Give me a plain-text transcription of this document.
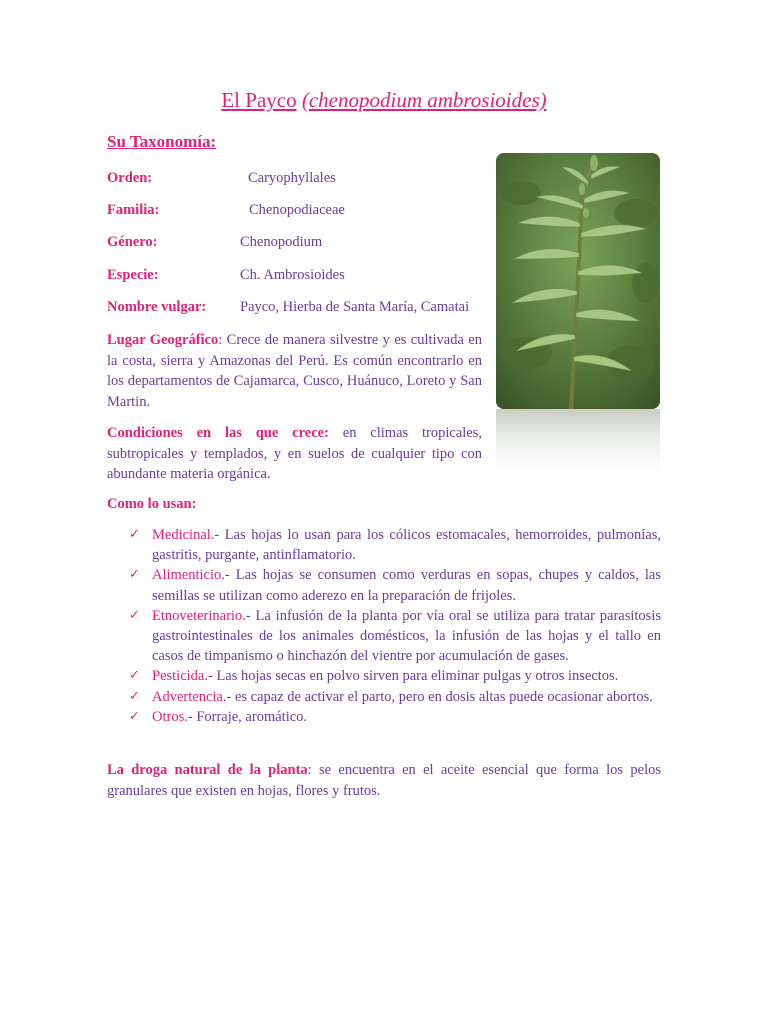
El Payco (chenopodium ambrosioides)
Su Taxonomía:
Orden:	Caryophyllales
Familia:	Chenopodiaceae
Género:	Chenopodium
Especie:	Ch. Ambrosioides
Nombre vulgar: Payco, Hierba de Santa María, Camatai
Lugar Geográfico: Crece de manera silvestre y es cultivada en la costa, sierra y Amazonas del Perú. Es común encontrarlo en los departamentos de Cajamarca, Cusco, Huánuco, Loreto y San Martin.
Condiciones en las que crece: en climas tropicales, subtropicales y templados, y en suelos de cualquier tipo con abundante materia orgánica.
Como lo usan:
✓ Medicinal.- Las hojas lo usan para los cólicos estomacales, hemorroides, pulmonías, gastritis, purgante, antinflamatorio.
✓ Alimenticio.- Las hojas se consumen como verduras en sopas, chupes y caldos, las semillas se utilizan como aderezo en la preparación de frijoles.
✓ Etnoveterinario.- La infusión de la planta por vía oral se utiliza para tratar parasitosis gastrointestinales de los animales domésticos, la infusión de las hojas y el tallo en casos de timpanismo o hinchazón del vientre por acumulación de gases.
✓ Pesticida.- Las hojas secas en polvo sirven para eliminar pulgas y otros insectos.
✓ Advertencia.- es capaz de activar el parto, pero en dosis altas puede ocasionar abortos.
✓ Otros.- Forraje, aromático.
La droga natural de la planta: se encuentra en el aceite esencial que forma los pelos granulares que existen en hojas, flores y frutos.
